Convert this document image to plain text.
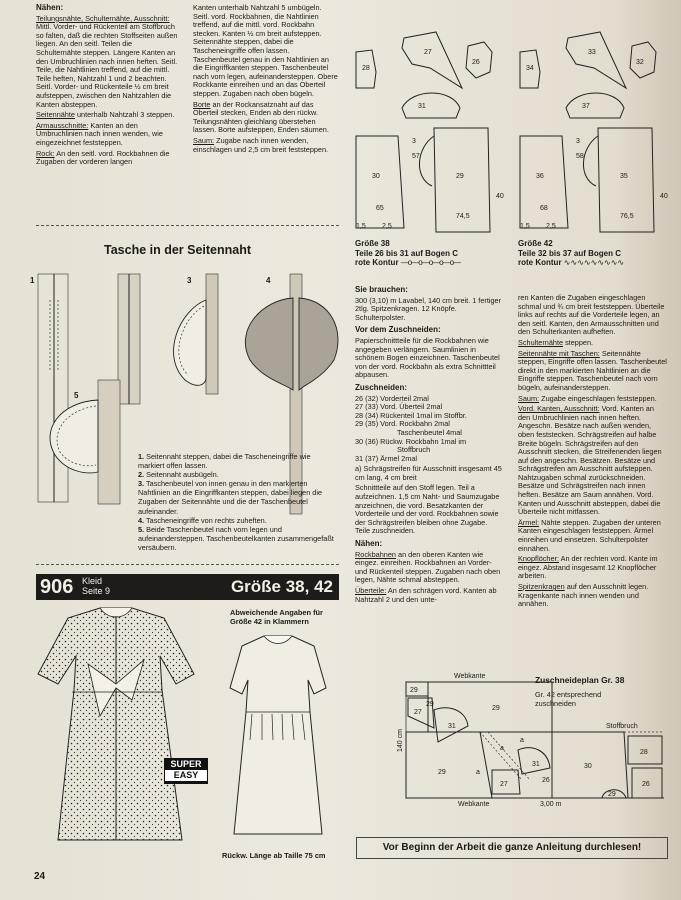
Nähen:

Teilungsnähte, Schulternähte, Ausschnitt: Mittl. Vorder- und Rückenteil am Stoffbruch so falten, daß die rechten Stoffseiten außen liegen. An den seitl. Teilen die Schulternähte steppen. Längere Kanten an den Umbruchlinien nach innen heften. Seitl. Teile, die Nahtlinien treffend, auf die mittl. Teile heften, Nahtzahl 1 und 2 beachten. Seitl. Vorder- und Rückenteile ½ cm breit aufsteppen, zwischen den Nahtzahlen die Kanten absteppen.

Seitennähte unterhalb Nahtzahl 3 steppen.

Armausschnitte: Kanten an den Umbruchlinien nach innen wenden, wie eingezeichnet feststeppen.

Rock: An den seitl. vord. Rockbahnen die Zugaben der vorderen langen

Kanten unterhalb Nahtzahl 5 umbügeln. Seitl. vord. Rockbahnen, die Nahtlinien treffend, auf die mittl. vord. Rockbahn stecken. Kanten ½ cm breit aufsteppen. Seitennähte steppen, dabei die Tascheneingriffe offen lassen. Taschenbeutel genau in den Nahtlinien an die Eingriffkanten steppen. Taschenbeutel nach vorn legen, aufeinandersteppen. Obere Rockkante einreihen und an das Oberteil steppen. Zugaben nach oben bügeln.

Borte an der Rockansatznaht auf das Oberteil stecken, Enden ab den rückw. Teilungsnähten gleichlang überstehen lassen. Borte aufsteppen, Enden säumen.

Saum: Zugabe nach innen wenden, einschlagen und 2,5 cm breit feststeppen.

Tasche in der Seitennaht
1	3	4
5

1. Seitennaht steppen, dabei die Tascheneingriffe wie markiert offen lassen.

2. Seitennaht ausbügeln.

3. Taschenbeutel von innen genau in den markierten Nahtlinien an die Eingriffkanten steppen, dabei liegen die Zugaben der Seitennähte und die der Taschenbeutel aufeinander.

4. Tascheneingriffe von rechts zuheften.

5. Beide Taschenbeutel nach vorn legen und aufeinandersteppen. Taschenbeutelkanten zusammengefaßt versäubern.

906 Kleid
Seite 9	Größe 38, 42
Abweichende Angaben für
Größe 42 in Klammern
SUPER
EASY
Rückw. Länge ab Taille 75 cm
28
27
26
31
30	29
65
74,5
40
1,5 2,5
3
57
Größe 38
Teile 26 bis 31 auf Bogen C
rote Kontur —o—o—o—o—o—
34
33
32
37
36	35
68
76,5
40
1,5 2,5
3
58
Größe 42
Teile 32 bis 37 auf Bogen C
rote Kontur ∿∿∿∿∿∿∿∿∿

Sie brauchen:

300 (3,10) m Lavabel, 140 cm breit. 1 fertiger 2tlg. Spitzenkragen. 12 Knöpfe. Schulterpolster.

Vor dem Zuschneiden:

Papierschnittteile für die Rockbahnen wie angegeben verlängern. Saumlinien in schönem Bogen einzeichnen. Taschenbeutel von der vord. Rockbahn als extra Schnittteil abpausen.

Zuschneiden:

26 (32) Vorderteil 2mal
27 (33) Vord. Überteil 2mal
28 (34) Rückenteil 1mal im Stoffbr.
29 (35) Vord. Rockbahn 2mal
Taschenbeutel 4mal
30 (36) Rückw. Rockbahn 1mal im
Stoffbruch
31 (37) Ärmel 2mal

a) Schrägstreifen für Ausschnitt insgesamt 45 cm lang, 4 cm breit

Schnittteile auf den Stoff legen. Teil a aufzeichnen. 1,5 cm Naht- und Saumzugabe anzeichnen, die vord. Besatzkanten der Vorderteile und der vord. Rockbahnen sowie der Schrägstreifen bleiben ohne Zugabe. Teile zuschneiden.

Nähen:

Rockbahnen an den oberen Kanten wie eingez. einreihen. Rockbahnen an Vorder- und Rückenteil steppen. Zugaben nach oben legen, Nähte schmal absteppen.

Überteile: An den schrägen vord. Kanten ab Nahtzahl 2 und den unte-

ren Kanten die Zugaben eingeschlagen schmal und ¾ cm breit feststeppen. Überteile links auf rechts auf die Vorderteile legen, an den seitl. Kanten, den Armausschnitten und den Schulterkanten aufheften.

Schulternähte steppen.

Seitennähte mit Taschen: Seitennähte steppen, Eingriffe offen lassen. Taschenbeutel direkt in den markierten Nahtlinien an die Eingriffe steppen. Taschenbeutel nach vorn bügeln, aufeinandersteppen.

Saum: Zugabe eingeschlagen feststeppen.

Vord. Kanten, Ausschnitt: Vord. Kanten an den Umbruchlinien nach innen heften. Angeschn. Besätze nach außen wenden, oben feststecken. Schrägstreifen auf halbe Breite bügeln. Schrägstreifen auf den Ausschnitt stecken, die Streifenenden liegen auf den angeschn. Besätzen. Besätze und Schrägstreifen am Ausschnitt aufsteppen. Nahtzugaben schmal zurückschneiden. Besätze und Schrägstreifen nach innen heften. Besätze am Saum annähen. Vord. Kanten und Ausschnitt absteppen, dabei die Überteile nicht mitfassen.

Ärmel: Nähte steppen. Zugaben der unteren Kanten eingeschlagen feststeppen. Ärmel einreihen und einsetzen. Schulterpolster einnähen.

Knopflöcher: An der rechten vord. Kante im eingez. Abstand insgesamt 12 Knopflöcher arbeiten.

Spitzenkragen auf den Ausschnitt legen. Kragenkante nach innen wenden und annähen.

Zuschneideplan Gr. 38
Gr. 42 entsprechend
zuschneiden
Webkante
Webkante	3,00 m
140 cm
Stoffbruch
29
27
31
29
a
a
a
31
29
27
29
30
28
26
26
29
Vor Beginn der Arbeit die ganze Anleitung durchlesen!
24
